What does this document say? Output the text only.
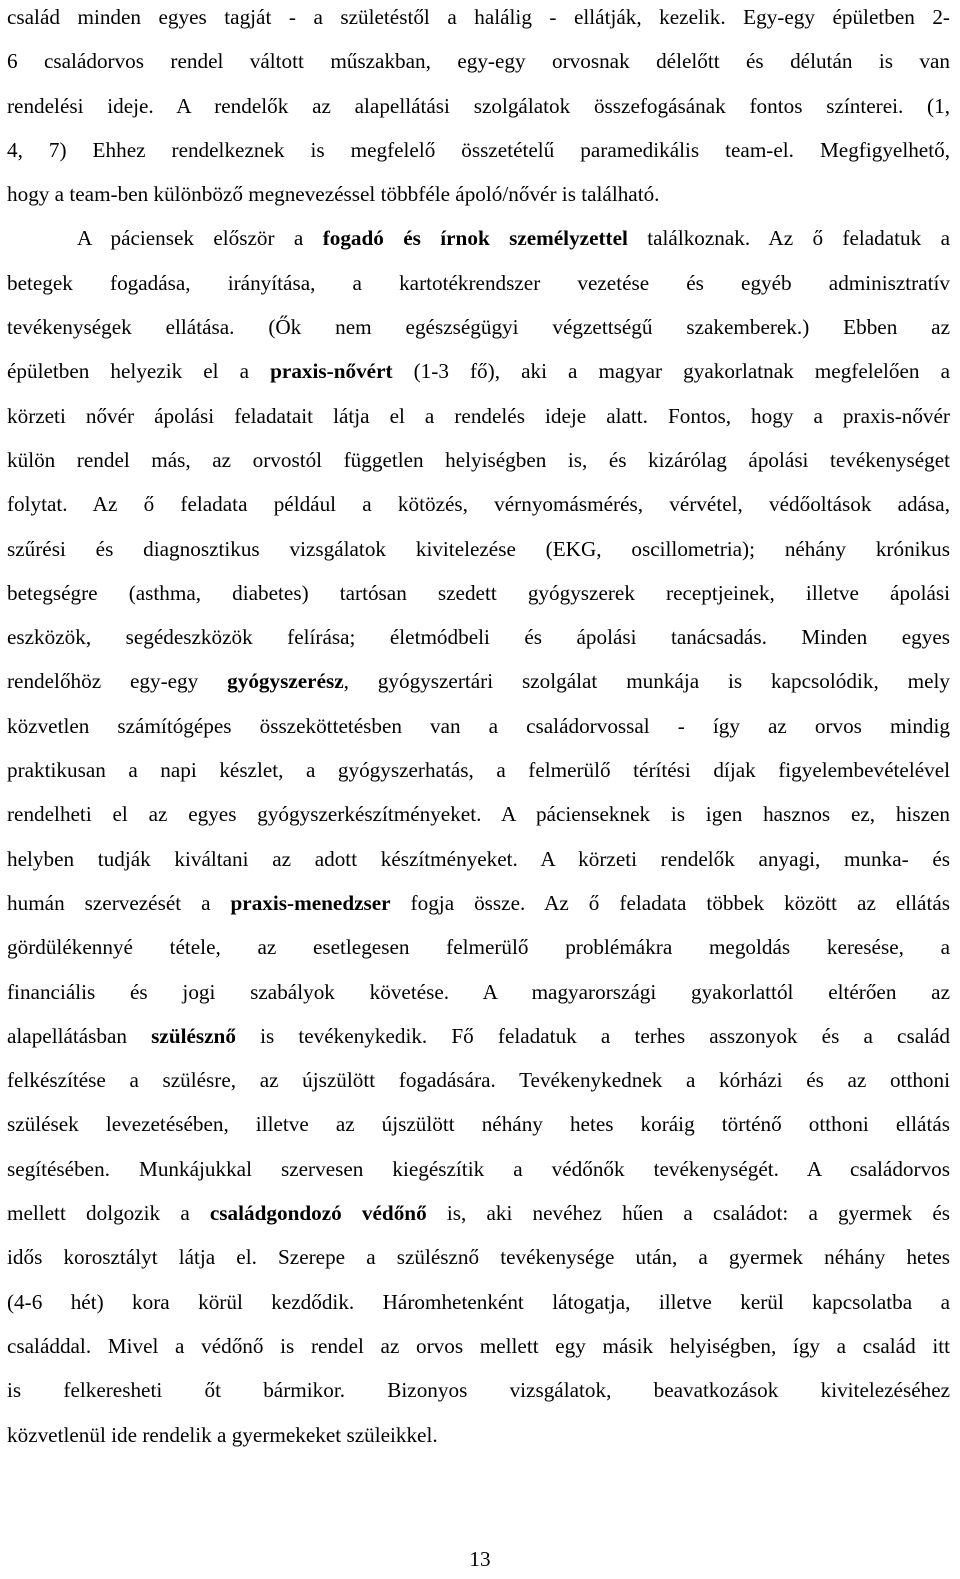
család minden egyes tagját - a születéstől a halálig - ellátják, kezelik. Egy-egy épületben 2-
6 családorvos rendel váltott műszakban, egy-egy orvosnak délelőtt és délután is van
rendelési ideje. A rendelők az alapellátási szolgálatok összefogásának fontos színterei. (1,
4, 7) Ehhez rendelkeznek is megfelelő összetételű paramedikális team-el. Megfigyelhető,
hogy a team-ben különböző megnevezéssel többféle ápoló/nővér is található.
A páciensek először a fogadó és írnok személyzettel találkoznak. Az ő feladatuk a
betegek fogadása, irányítása, a kartotékrendszer vezetése és egyéb adminisztratív
tevékenységek ellátása. (Ők nem egészségügyi végzettségű szakemberek.) Ebben az
épületben helyezik el a praxis-nővért (1-3 fő), aki a magyar gyakorlatnak megfelelően a
körzeti nővér ápolási feladatait látja el a rendelés ideje alatt. Fontos, hogy a praxis-nővér
külön rendel más, az orvostól független helyiségben is, és kizárólag ápolási tevékenységet
folytat. Az ő feladata például a kötözés, vérnyomásmérés, vérvétel, védőoltások adása,
szűrési és diagnosztikus vizsgálatok kivitelezése (EKG, oscillometria); néhány krónikus
betegségre (asthma, diabetes) tartósan szedett gyógyszerek receptjeinek, illetve ápolási
eszközök, segédeszközök felírása; életmódbeli és ápolási tanácsadás. Minden egyes
rendelőhöz egy-egy gyógyszerész, gyógyszertári szolgálat munkája is kapcsolódik, mely
közvetlen számítógépes összeköttetésben van a családorvossal - így az orvos mindig
praktikusan a napi készlet, a gyógyszerhatás, a felmerülő térítési díjak figyelembevételével
rendelheti el az egyes gyógyszerkészítményeket. A pácienseknek is igen hasznos ez, hiszen
helyben tudják kiváltani az adott készítményeket. A körzeti rendelők anyagi, munka- és
humán szervezését a praxis-menedzser fogja össze. Az ő feladata többek között az ellátás
gördülékennyé tétele, az esetlegesen felmerülő problémákra megoldás keresése, a
financiális és jogi szabályok követése. A magyarországi gyakorlattól eltérően az
alapellátásban szülésznő is tevékenykedik. Fő feladatuk a terhes asszonyok és a család
felkészítése a szülésre, az újszülött fogadására. Tevékenykednek a kórházi és az otthoni
szülések levezetésében, illetve az újszülött néhány hetes koráig történő otthoni ellátás
segítésében. Munkájukkal szervesen kiegészítik a védőnők tevékenységét. A családorvos
mellett dolgozik a családgondozó védőnő is, aki nevéhez hűen a családot: a gyermek és
idős korosztályt látja el. Szerepe a szülésznő tevékenysége után, a gyermek néhány hetes
(4-6 hét) kora körül kezdődik. Háromhetenként látogatja, illetve kerül kapcsolatba a
családdal. Mivel a védőnő is rendel az orvos mellett egy másik helyiségben, így a család itt
is felkeresheti őt bármikor. Bizonyos vizsgálatok, beavatkozások kivitelezéséhez
közvetlenül ide rendelik a gyermekeket szüleikkel.
13
